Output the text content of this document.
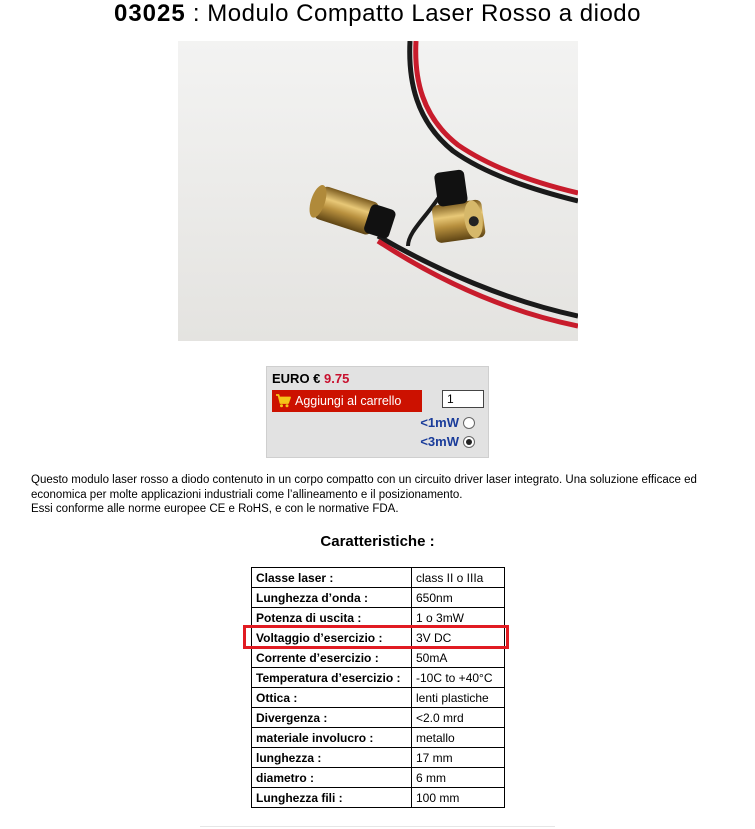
03025 : Modulo Compatto Laser Rosso a diodo
EURO € 9.75
Aggiungi al carrello
1
<1mW
<3mW
Questo modulo laser rosso a diodo contenuto in un corpo compatto con un circuito driver laser integrato. Una soluzione efficace ed economica per molte applicazioni industriali come l’allineamento e il posizionamento.
Essi conforme alle norme europee CE e RoHS, e con le normative FDA.
Caratteristiche :
Classe laser :	class II o IIIa
Lunghezza d’onda :	650nm
Potenza di uscita :	1 o 3mW
Voltaggio d’esercizio :	3V DC
Corrente d’esercizio :	50mA
Temperatura d’esercizio :	-10C to +40°C
Ottica :	lenti plastiche
Divergenza :	<2.0 mrd
materiale involucro :	metallo
lunghezza :	17 mm
diametro :	6 mm
Lunghezza fili :	100 mm
